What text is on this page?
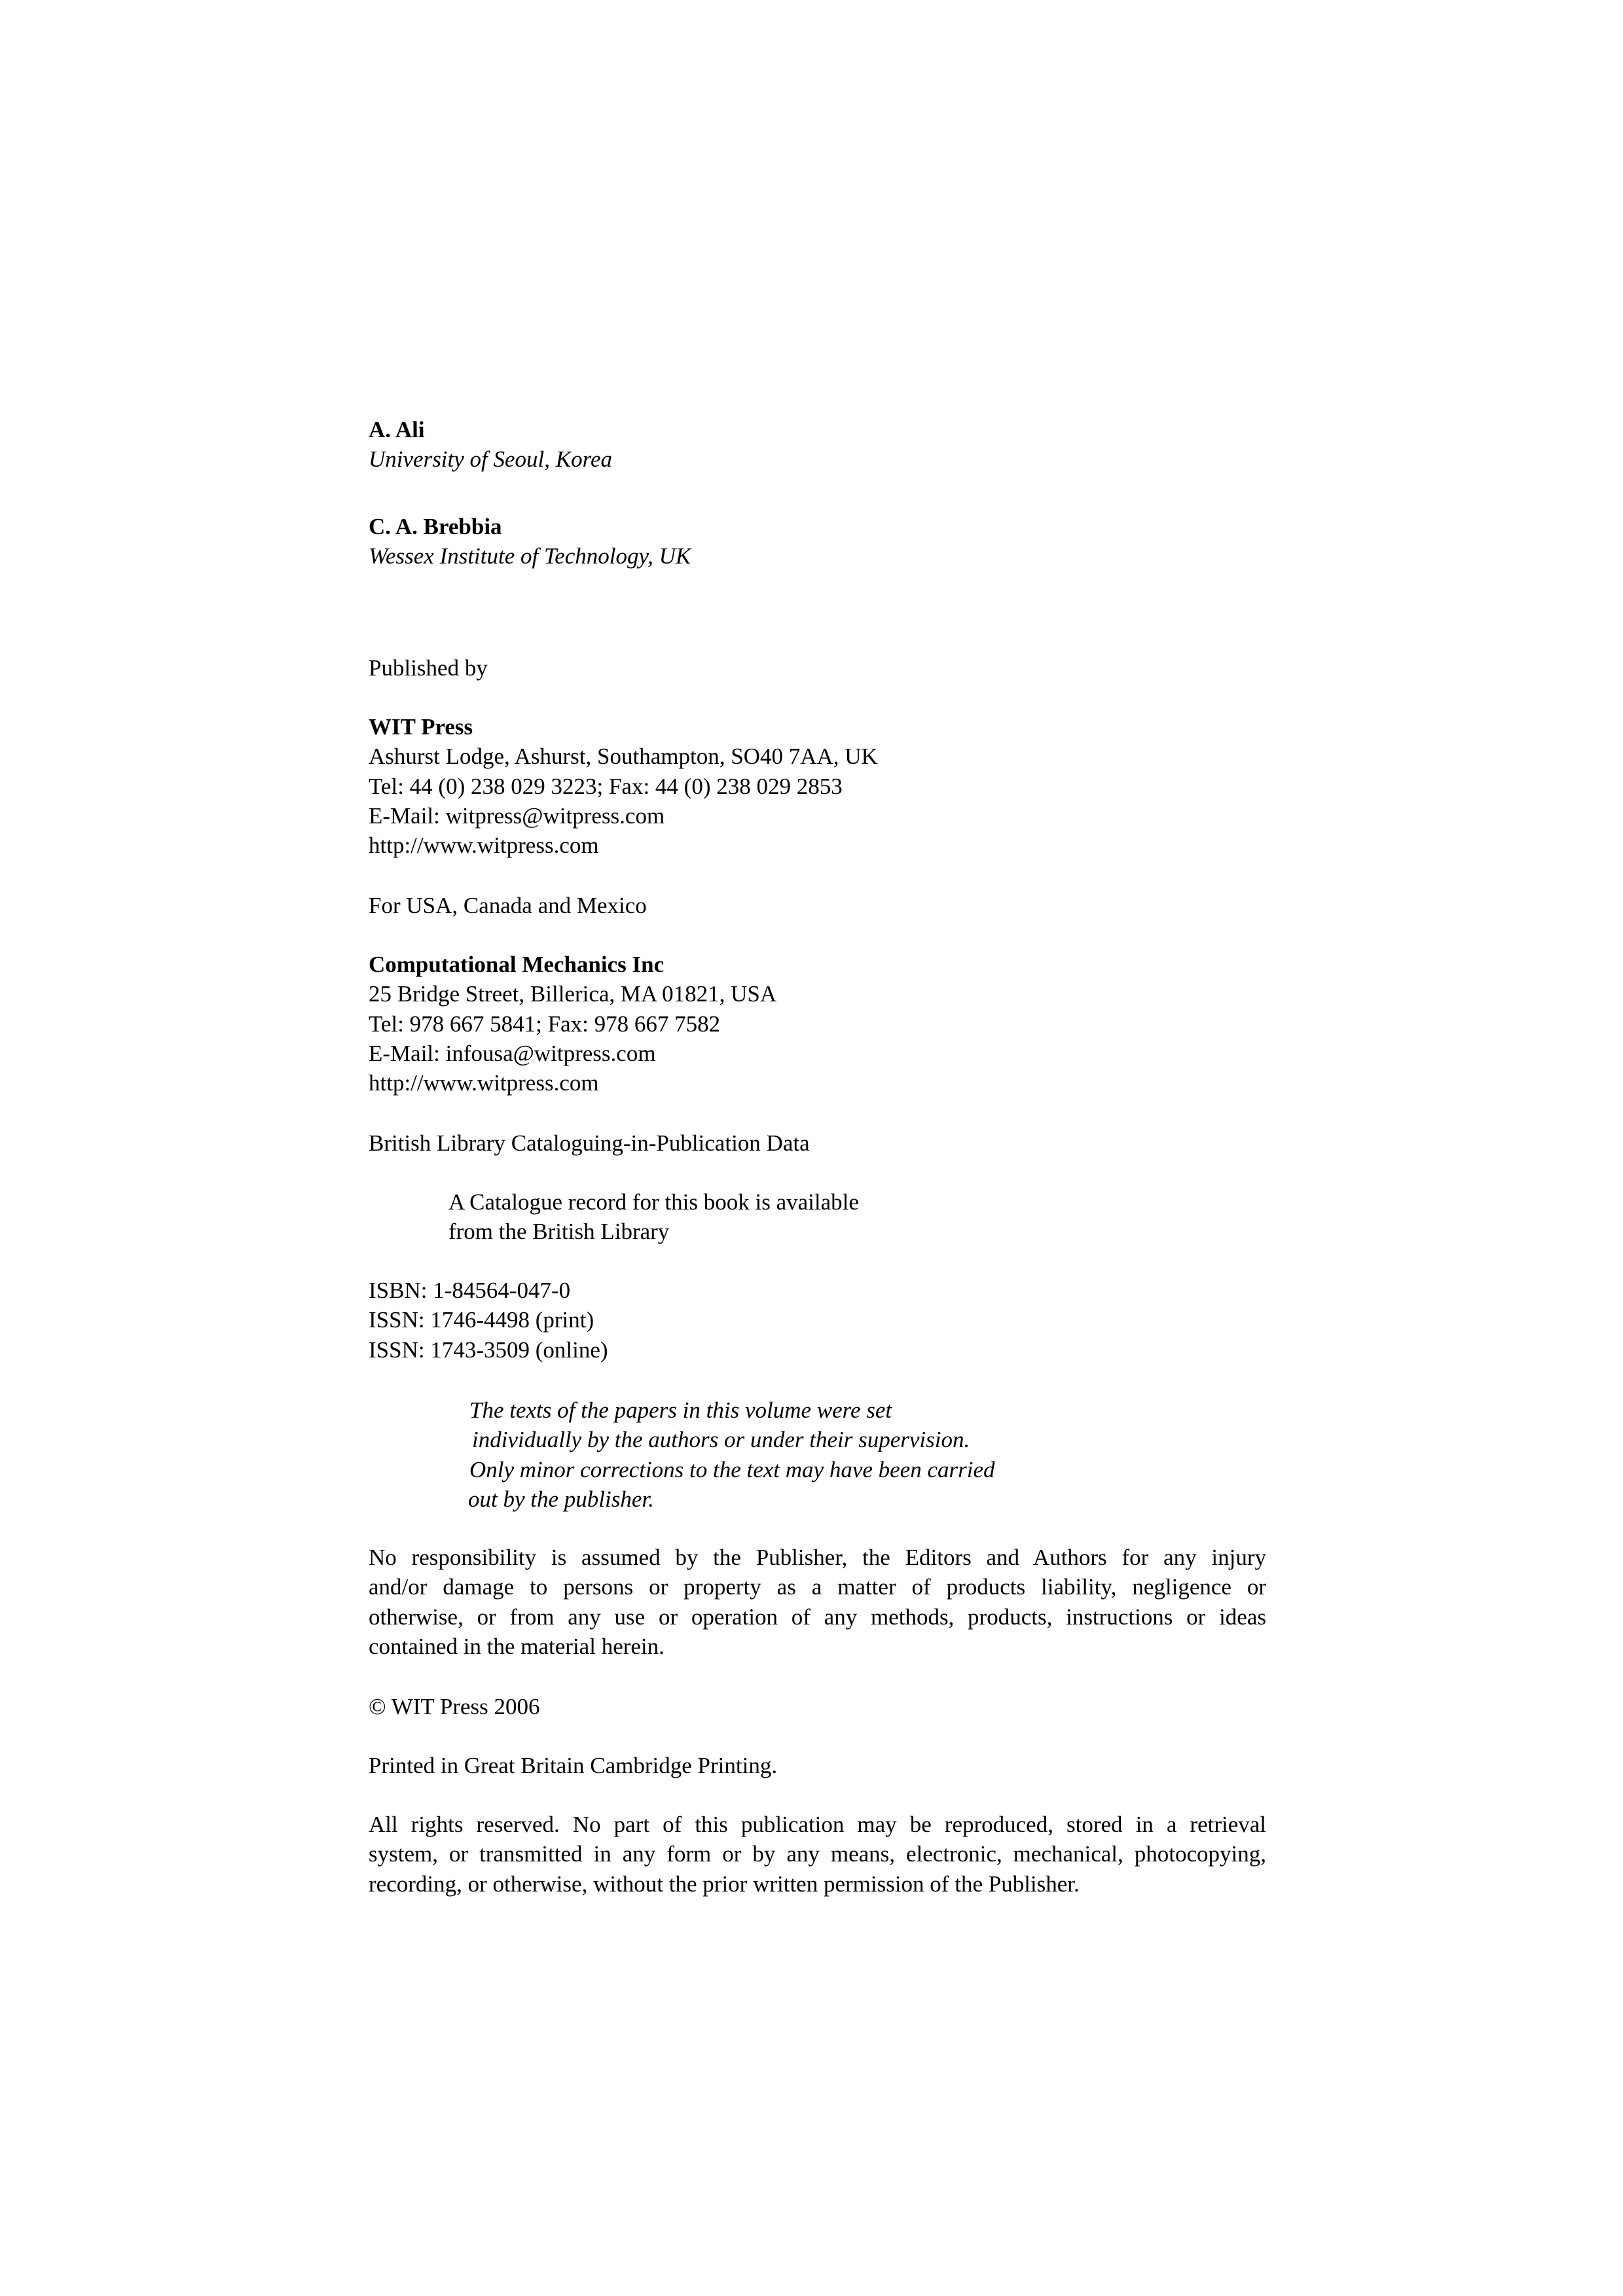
A. Ali
University of Seoul, Korea
C. A. Brebbia
Wessex Institute of Technology, UK
Published by
WIT Press
Ashurst Lodge, Ashurst, Southampton, SO40 7AA, UK
Tel: 44 (0) 238 029 3223; Fax: 44 (0) 238 029 2853
E-Mail: witpress@witpress.com
http://www.witpress.com
For USA, Canada and Mexico
Computational Mechanics Inc
25 Bridge Street, Billerica, MA 01821, USA
Tel: 978 667 5841; Fax: 978 667 7582
E-Mail: infousa@witpress.com
http://www.witpress.com
British Library Cataloguing-in-Publication Data
A Catalogue record for this book is available
from the British Library
ISBN: 1-84564-047-0
ISSN: 1746-4498 (print)
ISSN: 1743-3509 (online)
The texts of the papers in this volume were set
individually by the authors or under their supervision.
Only minor corrections to the text may have been carried
out by the publisher.
No responsibility is assumed by the Publisher, the Editors and Authors for any injury
and/or damage to persons or property as a matter of products liability, negligence or
otherwise, or from any use or operation of any methods, products, instructions or ideas
contained in the material herein.
© WIT Press 2006
Printed in Great Britain Cambridge Printing.
All rights reserved. No part of this publication may be reproduced, stored in a retrieval
system, or transmitted in any form or by any means, electronic, mechanical, photocopying,
recording, or otherwise, without the prior written permission of the Publisher.
